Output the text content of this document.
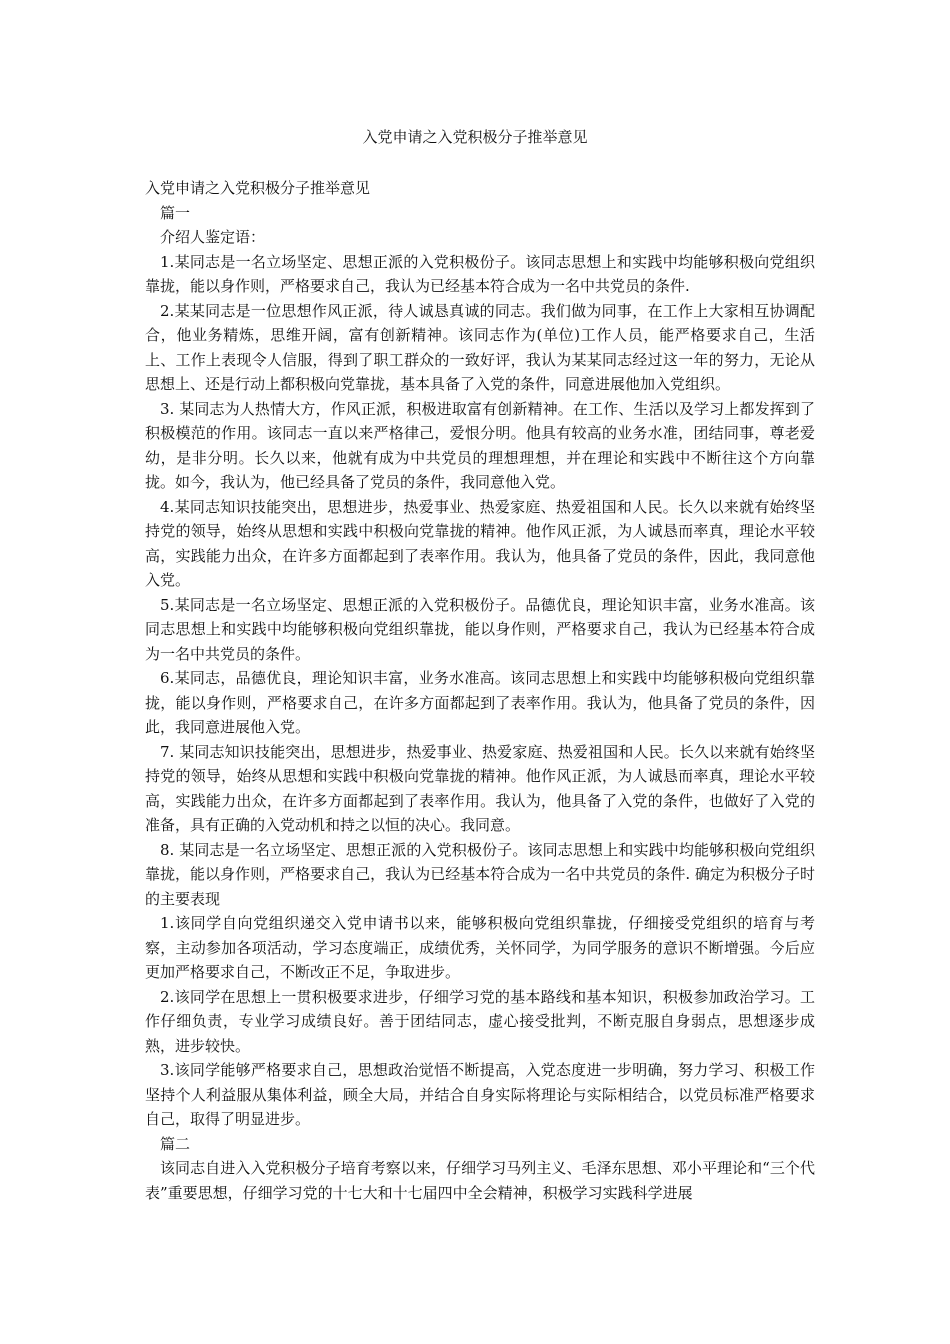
入党申请之入党积极分子推举意见

入党申请之入党积极分子推举意见

篇一

介绍人鉴定语：

1.某同志是一名立场坚定、思想正派的入党积极份子。该同志思想上和实践中均能够积极向党组织靠拢，能以身作则，严格要求自己，我认为已经基本符合成为一名中共党员的条件.

2.某某同志是一位思想作风正派，待人诚恳真诚的同志。我们做为同事，在工作上大家相互协调配合，他业务精炼，思维开阔，富有创新精神。该同志作为(单位)工作人员，能严格要求自己，生活上、工作上表现令人信服，得到了职工群众的一致好评，我认为某某同志经过这一年的努力，无论从思想上、还是行动上都积极向党靠拢，基本具备了入党的条件，同意进展他加入党组织。

3. 某同志为人热情大方，作风正派，积极进取富有创新精神。在工作、生活以及学习上都发挥到了积极模范的作用。该同志一直以来严格律己，爱恨分明。他具有较高的业务水准，团结同事，尊老爱幼，是非分明。长久以来，他就有成为中共党员的理想理想，并在理论和实践中不断往这个方向靠拢。如今，我认为，他已经具备了党员的条件，我同意他入党。

4.某同志知识技能突出，思想进步，热爱事业、热爱家庭、热爱祖国和人民。长久以来就有始终坚持党的领导，始终从思想和实践中积极向党靠拢的精神。他作风正派，为人诚恳而率真，理论水平较高，实践能力出众，在许多方面都起到了表率作用。我认为，他具备了党员的条件，因此，我同意他入党。

5.某同志是一名立场坚定、思想正派的入党积极份子。品德优良，理论知识丰富，业务水准高。该同志思想上和实践中均能够积极向党组织靠拢，能以身作则，严格要求自己，我认为已经基本符合成为一名中共党员的条件。

6.某同志，品德优良，理论知识丰富，业务水准高。该同志思想上和实践中均能够积极向党组织靠拢，能以身作则，严格要求自己，在许多方面都起到了表率作用。我认为，他具备了党员的条件，因此，我同意进展他入党。

7. 某同志知识技能突出，思想进步，热爱事业、热爱家庭、热爱祖国和人民。长久以来就有始终坚持党的领导，始终从思想和实践中积极向党靠拢的精神。他作风正派，为人诚恳而率真，理论水平较高，实践能力出众，在许多方面都起到了表率作用。我认为，他具备了入党的条件，也做好了入党的准备，具有正确的入党动机和持之以恒的决心。我同意。

8. 某同志是一名立场坚定、思想正派的入党积极份子。该同志思想上和实践中均能够积极向党组织靠拢，能以身作则，严格要求自己，我认为已经基本符合成为一名中共党员的条件. 确定为积极分子时的主要表现

1.该同学自向党组织递交入党申请书以来，能够积极向党组织靠拢，仔细接受党组织的培育与考察，主动参加各项活动，学习态度端正，成绩优秀，关怀同学，为同学服务的意识不断增强。今后应更加严格要求自己，不断改正不足，争取进步。

2.该同学在思想上一贯积极要求进步，仔细学习党的基本路线和基本知识，积极参加政治学习。工作仔细负责，专业学习成绩良好。善于团结同志，虚心接受批判，不断克服自身弱点，思想逐步成熟，进步较快。

3.该同学能够严格要求自己，思想政治觉悟不断提高，入党态度进一步明确，努力学习、积极工作坚持个人利益服从集体利益，顾全大局，并结合自身实际将理论与实际相结合，以党员标准严格要求自己，取得了明显进步。

篇二

该同志自进入入党积极分子培育考察以来，仔细学习马列主义、毛泽东思想、邓小平理论和“三个代表”重要思想，仔细学习党的十七大和十七届四中全会精神，积极学习实践科学进展
